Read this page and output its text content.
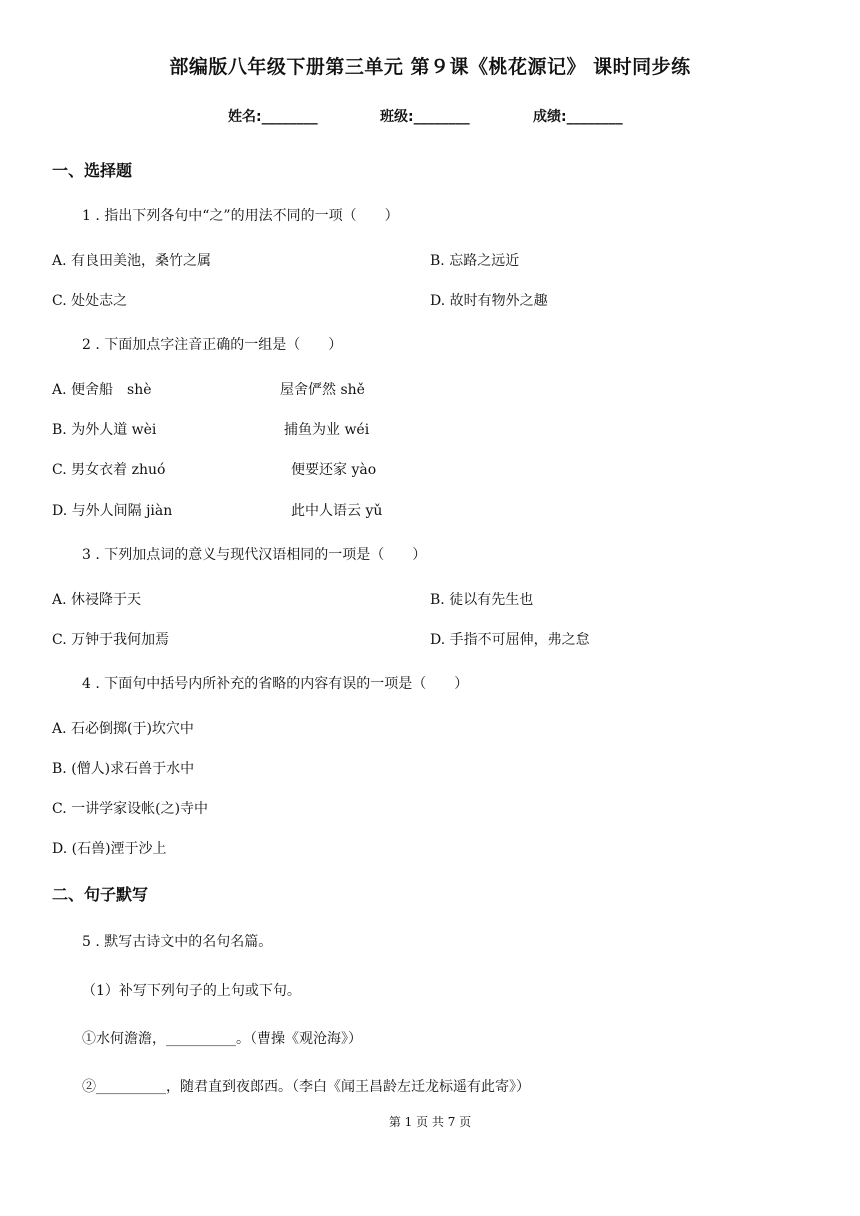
部编版八年级下册第三单元 第９课《桃花源记》 课时同步练
姓名:________	班级:________	成绩:________
一、选择题
1 . 指出下列各句中“之”的用法不同的一项（　　）
A. 有良田美池，桑竹之属	B. 忘路之远近
C. 处处志之	D. 故时有物外之趣
2 . 下面加点字注音正确的一组是（　　）
A. 便舍船　shè	屋舍俨然 shě
B. 为外人道 wèi	捕鱼为业 wéi
C. 男女衣着 zhuó	便要还家 yào
D. 与外人间隔 jiàn	此中人语云 yǔ
3 . 下列加点词的意义与现代汉语相同的一项是（　　）
A. 休祲降于天	B. 徒以有先生也
C. 万钟于我何加焉	D. 手指不可屈伸，弗之怠
4 . 下面句中括号内所补充的省略的内容有误的一项是（　　）
A. 石必倒掷(于)坎穴中
B. (僧人)求石兽于水中
C. 一讲学家设帐(之)寺中
D. (石兽)湮于沙上
二、句子默写
5 . 默写古诗文中的名句名篇。
（1）补写下列句子的上句或下句。
①水何澹澹，__________。（曹操《观沧海》）
②__________，随君直到夜郎西。（李白《闻王昌龄左迁龙标遥有此寄》）
第 1 页 共 7 页
